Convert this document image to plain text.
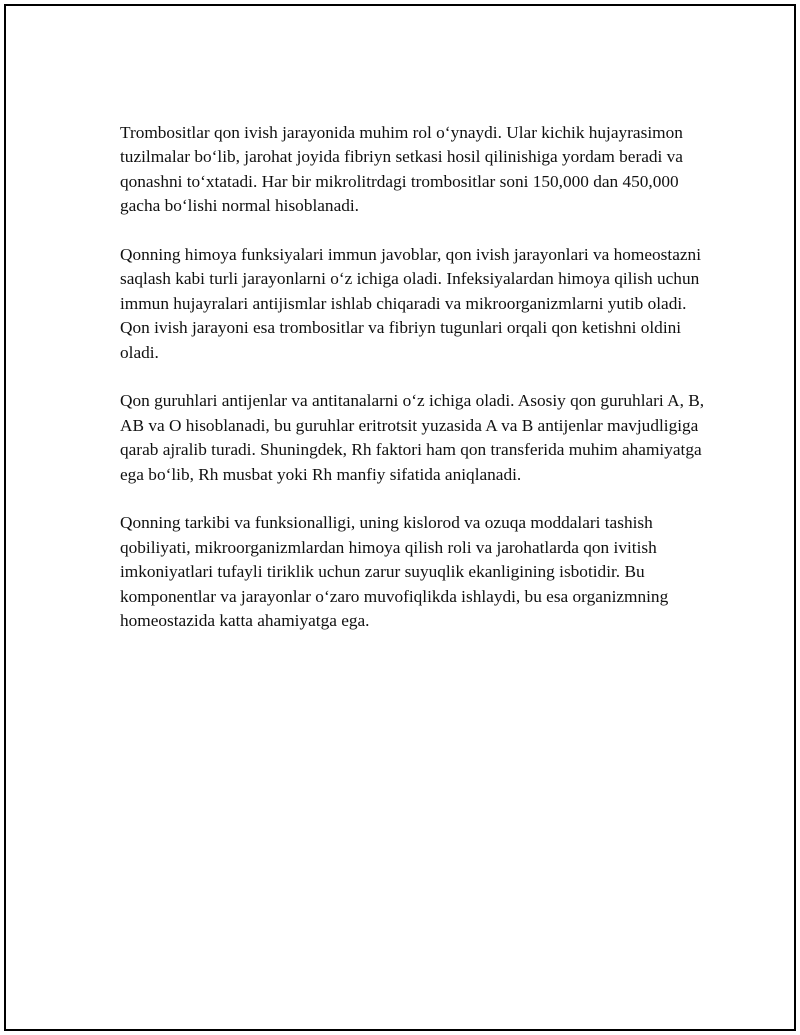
Trombositlar qon ivish jarayonida muhim rol oʻynaydi. Ular kichik hujayrasimon tuzilmalar boʻlib, jarohat joyida fibriyn setkasi hosil qilinishiga yordam beradi va qonashni toʻxtatadi. Har bir mikrolitrdagi trombositlar soni 150,000 dan 450,000 gacha boʻlishi normal hisoblanadi.

Qonning himoya funksiyalari immun javoblar, qon ivish jarayonlari va homeostazni saqlash kabi turli jarayonlarni oʻz ichiga oladi. Infeksiyalardan himoya qilish uchun immun hujayralari antijismlar ishlab chiqaradi va mikroorganizmlarni yutib oladi. Qon ivish jarayoni esa trombositlar va fibriyn tugunlari orqali qon ketishni oldini oladi.

Qon guruhlari antijenlar va antitanalarni oʻz ichiga oladi. Asosiy qon guruhlari A, B, AB va O hisoblanadi, bu guruhlar eritrotsit yuzasida A va B antijenlar mavjudligiga qarab ajralib turadi. Shuningdek, Rh faktori ham qon transferida muhim ahamiyatga ega boʻlib, Rh musbat yoki Rh manfiy sifatida aniqlanadi.

Qonning tarkibi va funksionalligi, uning kislorod va ozuqa moddalari tashish qobiliyati, mikroorganizmlardan himoya qilish roli va jarohatlarda qon ivitish imkoniyatlari tufayli tiriklik uchun zarur suyuqlik ekanligining isbotidir. Bu komponentlar va jarayonlar oʻzaro muvofiqlikda ishlaydi, bu esa organizmning homeostazida katta ahamiyatga ega.
